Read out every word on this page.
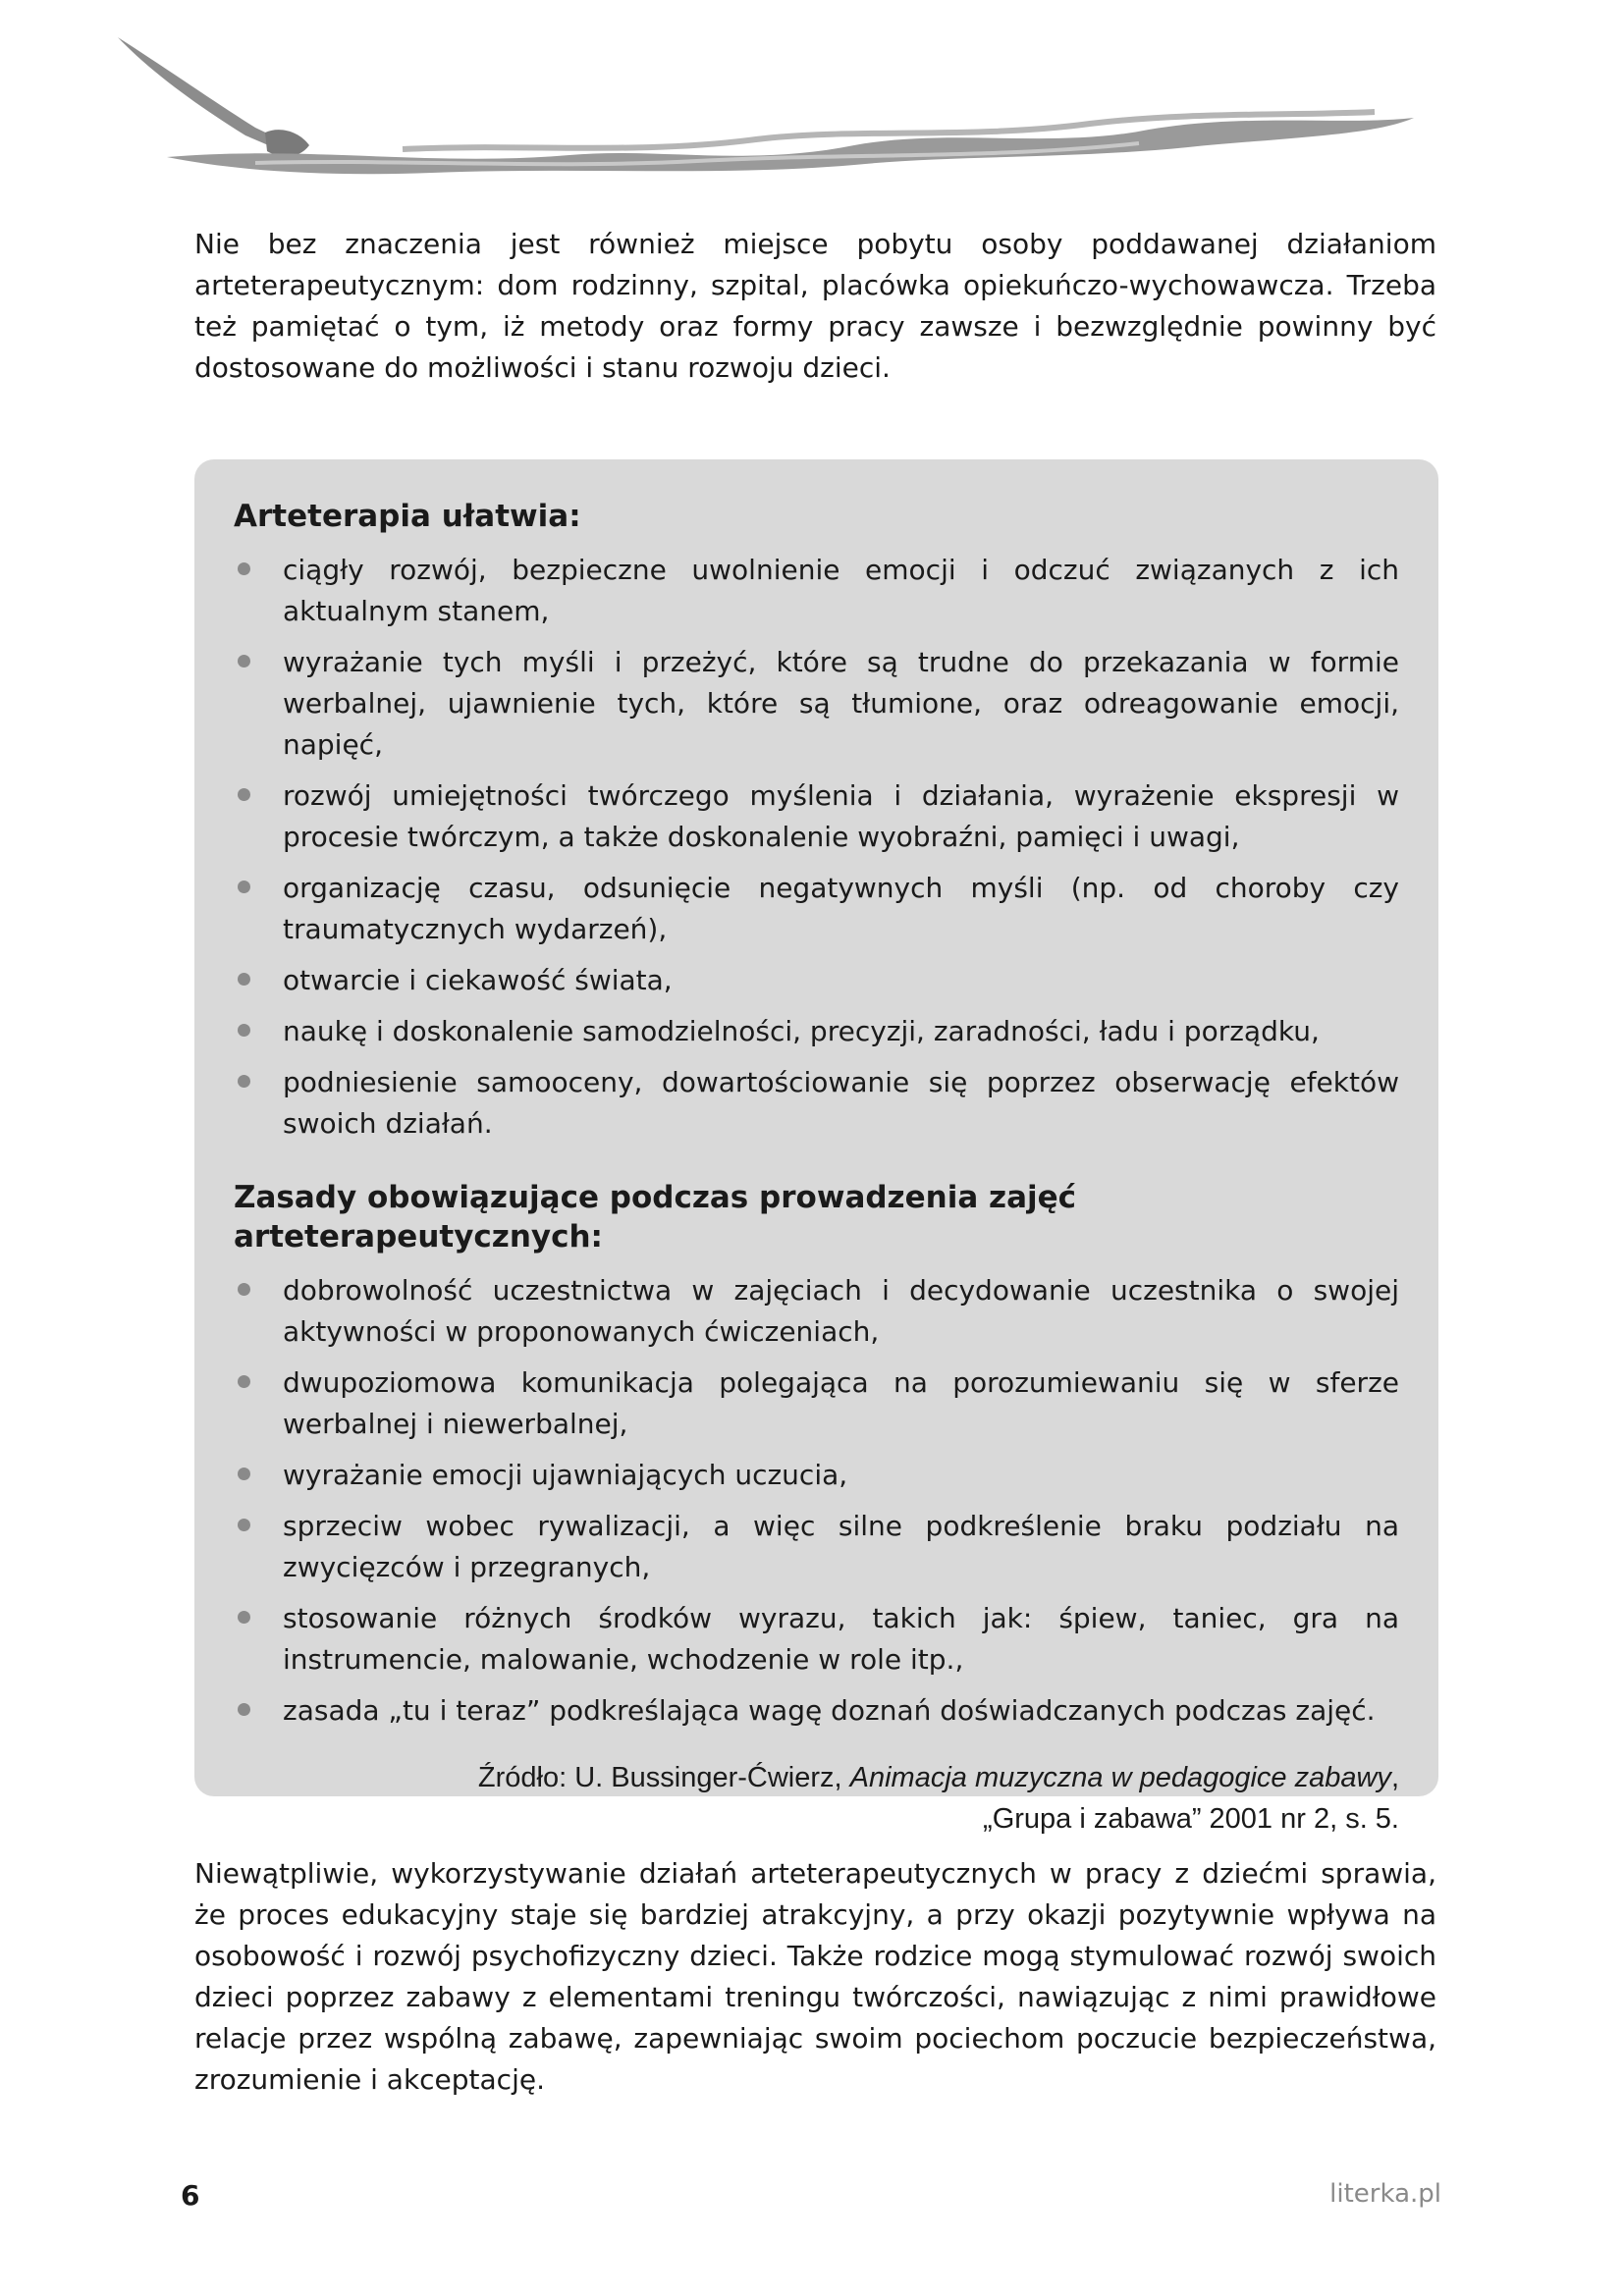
Nie bez znaczenia jest również miejsce pobytu osoby poddawanej działaniom arteterapeutycznym: dom rodzinny, szpital, placówka opiekuńczo-wychowawcza. Trzeba też pamiętać o tym, iż metody oraz formy pracy zawsze i bezwzględnie powinny być dostosowane do możliwości i stanu rozwoju dzieci.

Arteterapia ułatwia:
ciągły rozwój, bezpieczne uwolnienie emocji i odczuć związanych z ich aktualnym stanem,
wyrażanie tych myśli i przeżyć, które są trudne do przekazania w formie werbalnej, ujawnienie tych, które są tłumione, oraz odreagowanie emocji, napięć,
rozwój umiejętności twórczego myślenia i działania, wyrażenie ekspresji w procesie twórczym, a także doskonalenie wyobraźni, pamięci i uwagi,
organizację czasu, odsunięcie negatywnych myśli (np. od choroby czy traumatycznych wydarzeń),
otwarcie i ciekawość świata,
naukę i doskonalenie samodzielności, precyzji, zaradności, ładu i porządku,
podniesienie samooceny, dowartościowanie się poprzez obserwację efektów swoich działań.
Zasady obowiązujące podczas prowadzenia zajęć arteterapeutycznych:
dobrowolność uczestnictwa w zajęciach i decydowanie uczestnika o swojej aktywności w proponowanych ćwiczeniach,
dwupoziomowa komunikacja polegająca na porozumiewaniu się w sferze werbalnej i niewerbalnej,
wyrażanie emocji ujawniających uczucia,
sprzeciw wobec rywalizacji, a więc silne podkreślenie braku podziału na zwycięzców i przegranych,
stosowanie różnych środków wyrazu, takich jak: śpiew, taniec, gra na instrumencie, malowanie, wchodzenie w role itp.,
zasada „tu i teraz” podkreślająca wagę doznań doświadczanych podczas zajęć.
Źródło: U. Bussinger-Ćwierz, Animacja muzyczna w pedagogice zabawy,
„Grupa i zabawa” 2001 nr 2, s. 5.

Niewątpliwie, wykorzystywanie działań arteterapeutycznych w pracy z dziećmi sprawia, że proces edukacyjny staje się bardziej atrakcyjny, a przy okazji pozytywnie wpływa na osobowość i rozwój psychofizyczny dzieci. Także rodzice mogą stymulować rozwój swoich dzieci poprzez zabawy z elementami treningu twórczości, nawiązując z nimi prawidłowe relacje przez wspólną zabawę, zapewniając swoim pociechom poczucie bezpieczeństwa, zrozumienie i akceptację.

6	literka.pl
